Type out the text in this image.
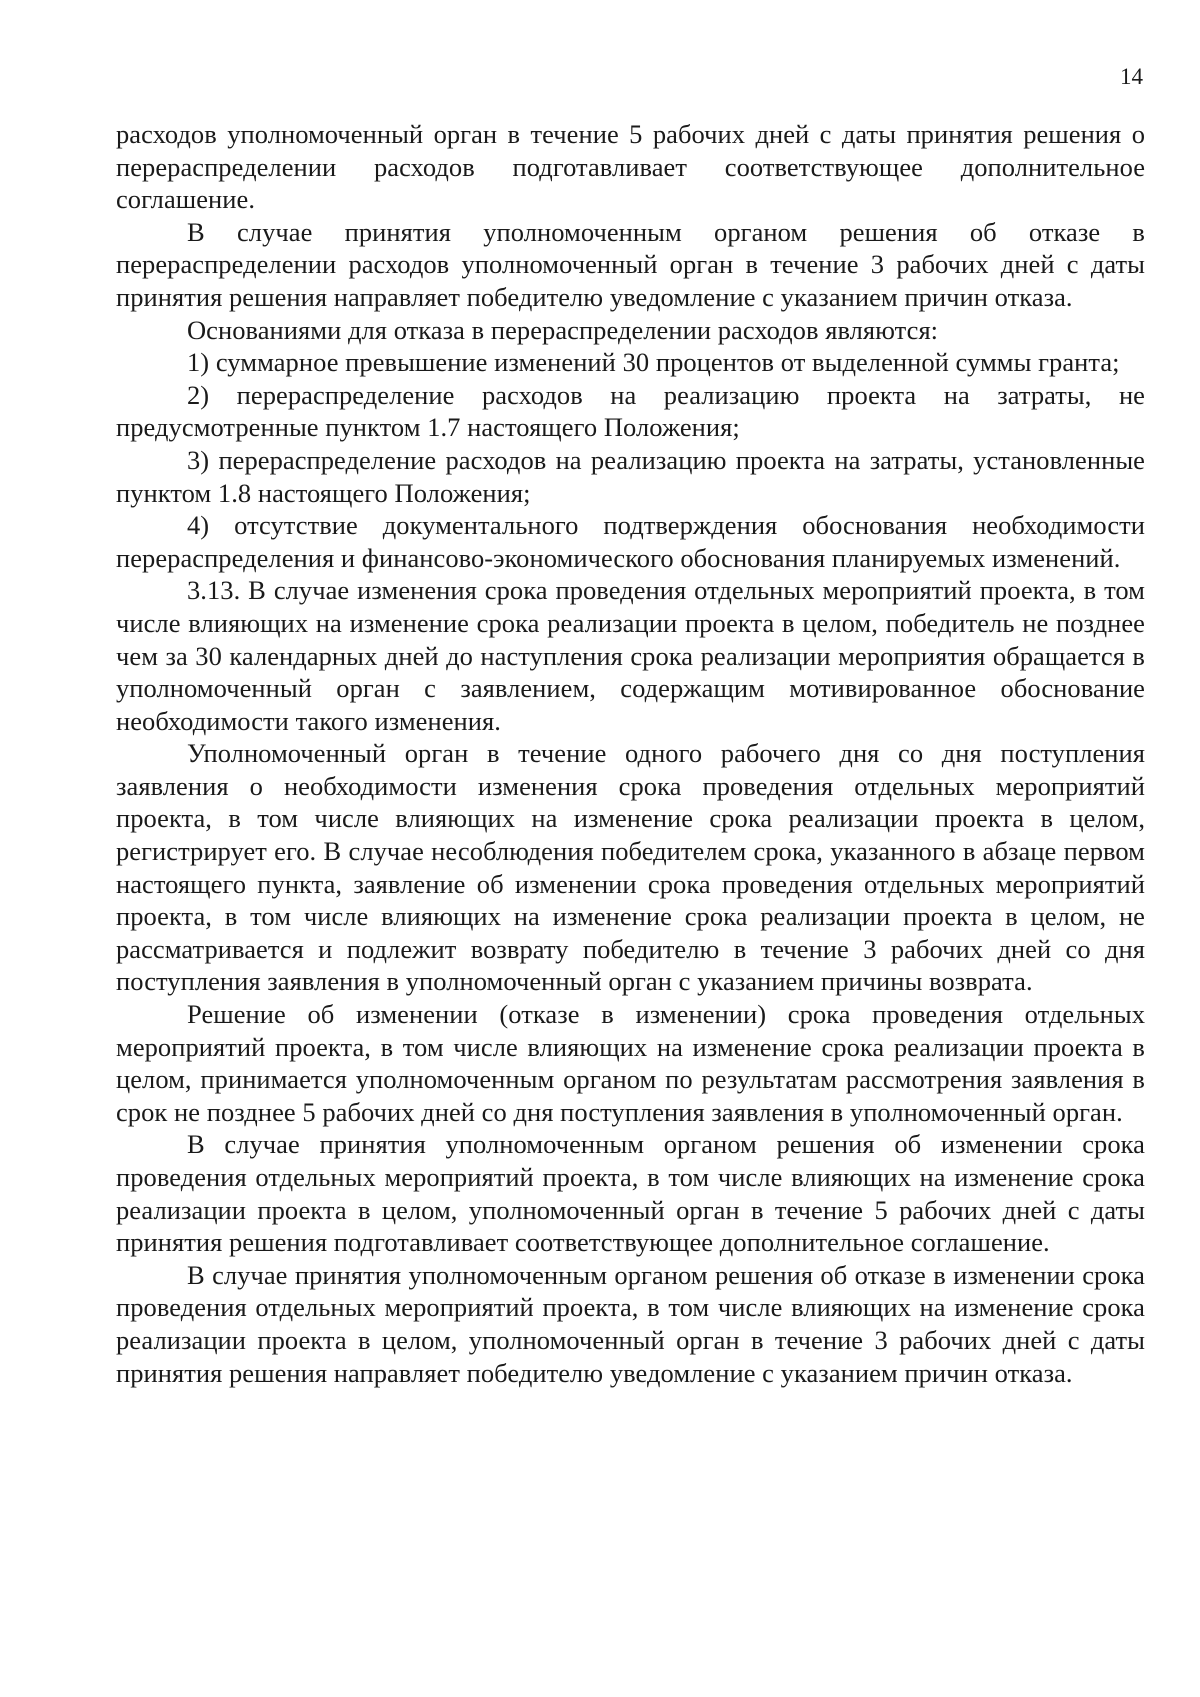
14

расходов уполномоченный орган в течение 5 рабочих дней с даты принятия решения о перераспределении расходов подготавливает соответствующее дополнительное соглашение.

В случае принятия уполномоченным органом решения об отказе в перераспределении расходов уполномоченный орган в течение 3 рабочих дней с даты принятия решения направляет победителю уведомление с указанием причин отказа.

Основаниями для отказа в перераспределении расходов являются:

1) суммарное превышение изменений 30 процентов от выделенной суммы гранта;

2) перераспределение расходов на реализацию проекта на затраты, не предусмотренные пунктом 1.7 настоящего Положения;

3) перераспределение расходов на реализацию проекта на затраты, установленные пунктом 1.8 настоящего Положения;

4) отсутствие документального подтверждения обоснования необходимости перераспределения и финансово-экономического обоснования планируемых изменений.

3.13. В случае изменения срока проведения отдельных мероприятий проекта, в том числе влияющих на изменение срока реализации проекта в целом, победитель не позднее чем за 30 календарных дней до наступления срока реализации мероприятия обращается в уполномоченный орган с заявлением, содержащим мотивированное обоснование необходимости такого изменения.

Уполномоченный орган в течение одного рабочего дня со дня поступления заявления о необходимости изменения срока проведения отдельных мероприятий проекта, в том числе влияющих на изменение срока реализации проекта в целом, регистрирует его. В случае несоблюдения победителем срока, указанного в абзаце первом настоящего пункта, заявление об изменении срока проведения отдельных мероприятий проекта, в том числе влияющих на изменение срока реализации проекта в целом, не рассматривается и подлежит возврату победителю в течение 3 рабочих дней со дня поступления заявления в уполномоченный орган с указанием причины возврата.

Решение об изменении (отказе в изменении) срока проведения отдельных мероприятий проекта, в том числе влияющих на изменение срока реализации проекта в целом, принимается уполномоченным органом по результатам рассмотрения заявления в срок не позднее 5 рабочих дней со дня поступления заявления в уполномоченный орган.

В случае принятия уполномоченным органом решения об изменении срока проведения отдельных мероприятий проекта, в том числе влияющих на изменение срока реализации проекта в целом, уполномоченный орган в течение 5 рабочих дней с даты принятия решения подготавливает соответствующее дополнительное соглашение.

В случае принятия уполномоченным органом решения об отказе в изменении срока проведения отдельных мероприятий проекта, в том числе влияющих на изменение срока реализации проекта в целом, уполномоченный орган в течение 3 рабочих дней с даты принятия решения направляет победителю уведомление с указанием причин отказа.
